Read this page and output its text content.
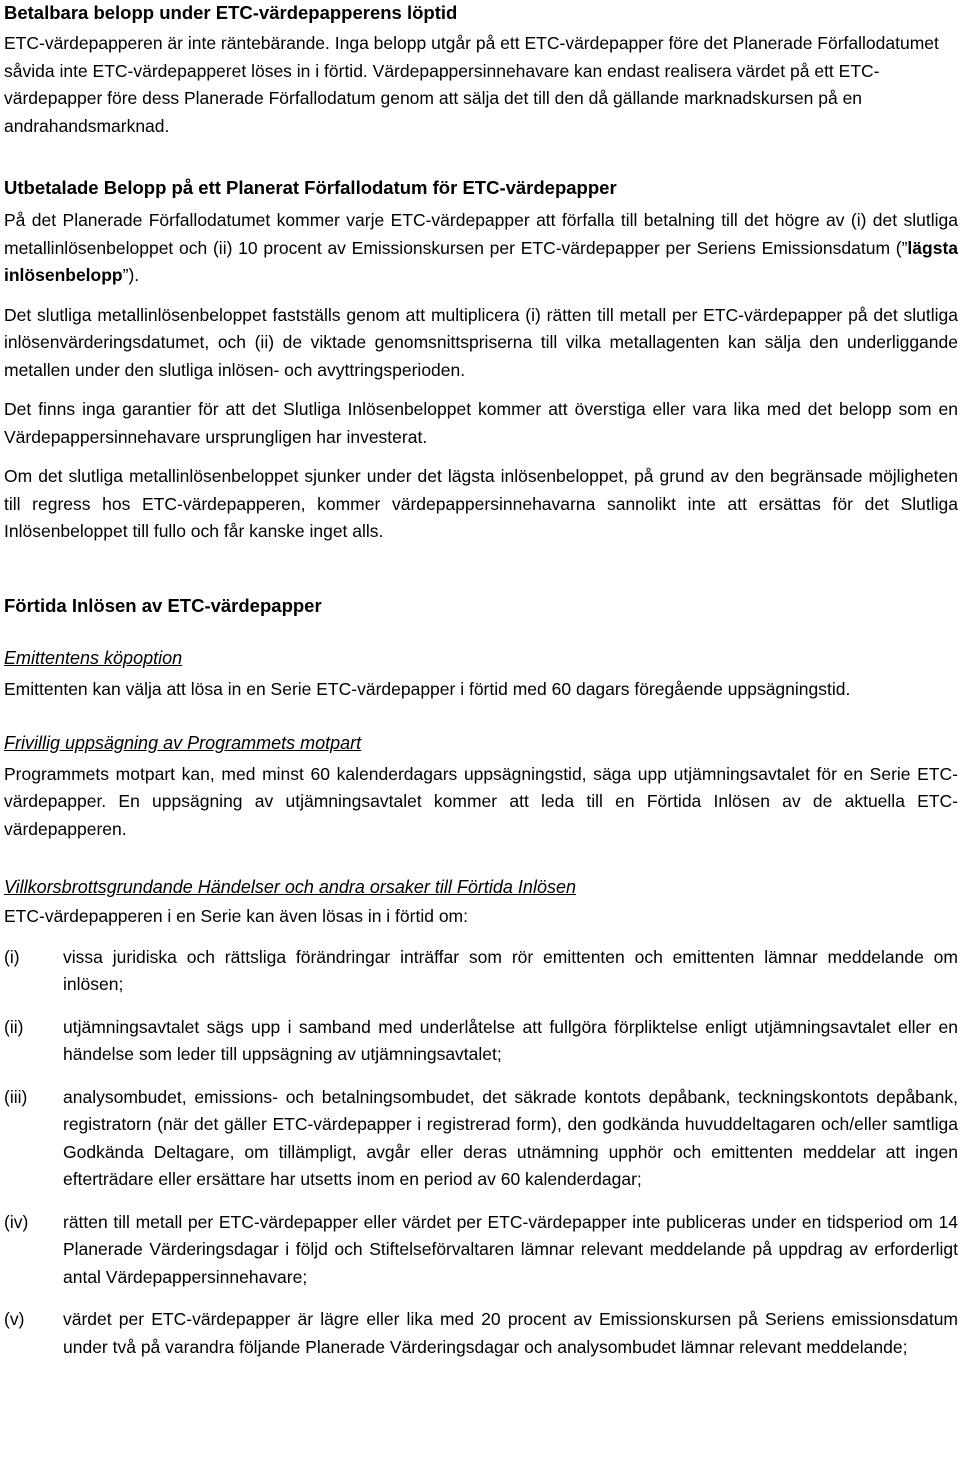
Betalbara belopp under ETC-värdepapperens löptid

ETC-värdepapperen är inte räntebärande. Inga belopp utgår på ett ETC-värdepapper före det Planerade Förfallodatumet såvida inte ETC-värdepapperet löses in i förtid. Värdepappersinnehavare kan endast realisera värdet på ett ETC-värdepapper före dess Planerade Förfallodatum genom att sälja det till den då gällande marknadskursen på en andrahandsmarknad.

Utbetalade Belopp på ett Planerat Förfallodatum för ETC-värdepapper

På det Planerade Förfallodatumet kommer varje ETC-värdepapper att förfalla till betalning till det högre av (i) det slutliga metallinlösenbeloppet och (ii) 10 procent av Emissionskursen per ETC-värdepapper per Seriens Emissionsdatum (”lägsta inlösenbelopp”).

Det slutliga metallinlösenbeloppet fastställs genom att multiplicera (i) rätten till metall per ETC-värdepapper på det slutliga inlösenvärderingsdatumet, och (ii) de viktade genomsnittspriserna till vilka metallagenten kan sälja den underliggande metallen under den slutliga inlösen- och avyttringsperioden.

Det finns inga garantier för att det Slutliga Inlösenbeloppet kommer att överstiga eller vara lika med det belopp som en Värdepappersinnehavare ursprungligen har investerat.

Om det slutliga metallinlösenbeloppet sjunker under det lägsta inlösenbeloppet, på grund av den begränsade möjligheten till regress hos ETC-värdepapperen, kommer värdepappersinnehavarna sannolikt inte att ersättas för det Slutliga Inlösenbeloppet till fullo och får kanske inget alls.

Förtida Inlösen av ETC-värdepapper

Emittentens köpoption

Emittenten kan välja att lösa in en Serie ETC-värdepapper i förtid med 60 dagars föregående uppsägningstid.

Frivillig uppsägning av Programmets motpart

Programmets motpart kan, med minst 60 kalenderdagars uppsägningstid, säga upp utjämningsavtalet för en Serie ETC-värdepapper. En uppsägning av utjämningsavtalet kommer att leda till en Förtida Inlösen av de aktuella ETC-värdepapperen.

Villkorsbrottsgrundande Händelser och andra orsaker till Förtida Inlösen

ETC-värdepapperen i en Serie kan även lösas in i förtid om:

(i)	vissa juridiska och rättsliga förändringar inträffar som rör emittenten och emittenten lämnar meddelande om inlösen;
(ii)	utjämningsavtalet sägs upp i samband med underlåtelse att fullgöra förpliktelse enligt utjämningsavtalet eller en händelse som leder till uppsägning av utjämningsavtalet;
(iii)	analysombudet, emissions- och betalningsombudet, det säkrade kontots depåbank, teckningskontots depåbank, registratorn (när det gäller ETC-värdepapper i registrerad form), den godkända huvuddeltagaren och/eller samtliga Godkända Deltagare, om tillämpligt, avgår eller deras utnämning upphör och emittenten meddelar att ingen efterträdare eller ersättare har utsetts inom en period av 60 kalenderdagar;
(iv)	rätten till metall per ETC-värdepapper eller värdet per ETC-värdepapper inte publiceras under en tidsperiod om 14 Planerade Värderingsdagar i följd och Stiftelseförvaltaren lämnar relevant meddelande på uppdrag av erforderligt antal Värdepappersinnehavare;
(v)	värdet per ETC-värdepapper är lägre eller lika med 20 procent av Emissionskursen på Seriens emissionsdatum under två på varandra följande Planerade Värderingsdagar och analysombudet lämnar relevant meddelande;
